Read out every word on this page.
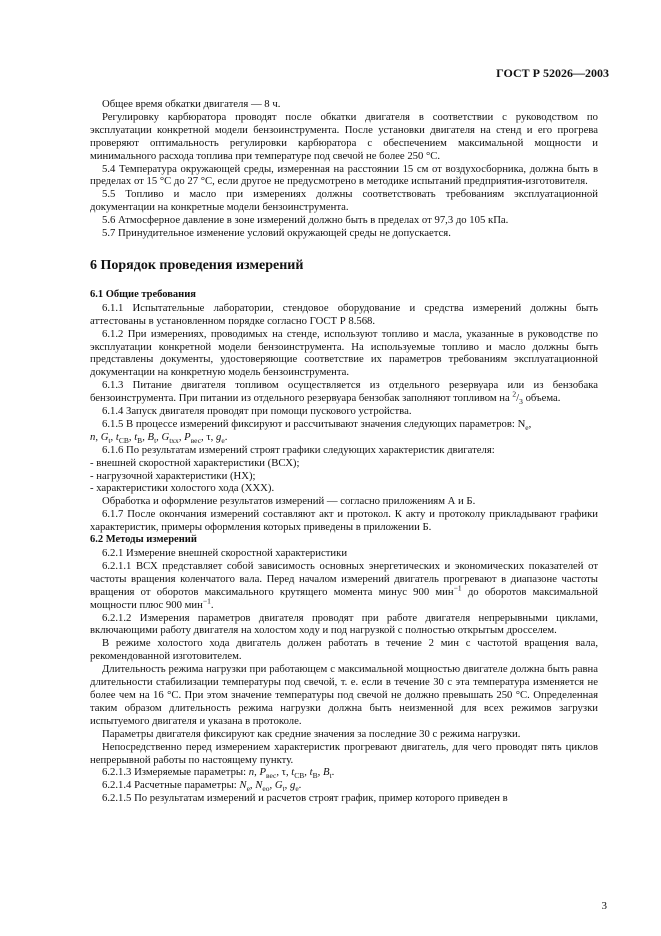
ГОСТ Р 52026—2003

Общее время обкатки двигателя — 8 ч.

Регулировку карбюратора проводят после обкатки двигателя в соответствии с руководством по эксплуатации конкретной модели бензоинструмента. После установки двигателя на стенд и его прогрева проверяют оптимальность регулировки карбюратора с обеспечением максимальной мощности и минимального расхода топлива при температуре под свечой не более 250 °С.

5.4 Температура окружающей среды, измеренная на расстоянии 15 см от воздухосборника, должна быть в пределах от 15 °С до 27 °С, если другое не предусмотрено в методике испытаний предприятия-изготовителя.

5.5 Топливо и масло при измерениях должны соответствовать требованиям эксплуатационной документации на конкретные модели бензоинструмента.

5.6 Атмосферное давление в зоне измерений должно быть в пределах от 97,3 до 105 кПа.

5.7 Принудительное изменение условий окружающей среды не допускается.

6 Порядок проведения измерений

6.1 Общие требования

6.1.1 Испытательные лаборатории, стендовое оборудование и средства измерений должны быть аттестованы в установленном порядке согласно ГОСТ Р 8.568.

6.1.2 При измерениях, проводимых на стенде, используют топливо и масла, указанные в руководстве по эксплуатации конкретной модели бензоинструмента. На используемые топливо и масло должны быть представлены документы, удостоверяющие соответствие их параметров требованиям эксплуатационной документации на конкретную модель бензоинструмента.

6.1.3 Питание двигателя топливом осуществляется из отдельного резервуара или из бензобака бензоинструмента. При питании из отдельного резервуара бензобак заполняют топливом на $^2/_3$ объема.

6.1.4 Запуск двигателя проводят при помощи пускового устройства.

6.1.5 В процессе измерений фиксируют и рассчитывают значения следующих параметров: $N_e$,
n, $G_t$, $t_{СВ}$, $t_В$, $B_t$, $G_{txx}$, $P_{вес}$, τ, $g_e$.

6.1.6 По результатам измерений строят графики следующих характеристик двигателя:

- внешней скоростной характеристики (ВСХ);

- нагрузочной характеристики (НХ);

- характеристики холостого хода (ХХХ).

Обработка и оформление результатов измерений — согласно приложениям А и Б.

6.1.7 После окончания измерений составляют акт и протокол. К акту и протоколу прикладывают графики характеристик, примеры оформления которых приведены в приложении Б.

6.2 Методы измерений

6.2.1 Измерение внешней скоростной характеристики

6.2.1.1 ВСХ представляет собой зависимость основных энергетических и экономических показателей от частоты вращения коленчатого вала. Перед началом измерений двигатель прогревают в диапазоне частоты вращения от оборотов максимального крутящего момента минус 900 мин$^{-1}$ до оборотов максимальной мощности плюс 900 мин$^{-1}$.

6.2.1.2 Измерения параметров двигателя проводят при работе двигателя непрерывными циклами, включающими работу двигателя на холостом ходу и под нагрузкой с полностью открытым дросселем.

В режиме холостого хода двигатель должен работать в течение 2 мин с частотой вращения вала, рекомендованной изготовителем.

Длительность режима нагрузки при работающем с максимальной мощностью двигателе должна быть равна длительности стабилизации температуры под свечой, т. е. если в течение 30 с эта температура изменяется не более чем на 16 °С. При этом значение температуры под свечой не должно превышать 250 °С. Определенная таким образом длительность режима нагрузки должна быть неизменной для всех режимов загрузки испытуемого двигателя и указана в протоколе.

Параметры двигателя фиксируют как средние значения за последние 30 с режима нагрузки.

Непосредственно перед измерением характеристик прогревают двигатель, для чего проводят пять циклов непрерывной работы по настоящему пункту.

6.2.1.3 Измеряемые параметры: n, $P_{вес}$, τ, $t_{СВ}$, $t_В$, $B_t$.

6.2.1.4 Расчетные параметры: $N_e$, $N_{eo}$, $G_t$, $g_e$.

6.2.1.5 По результатам измерений и расчетов строят график, пример которого приведен в

3
